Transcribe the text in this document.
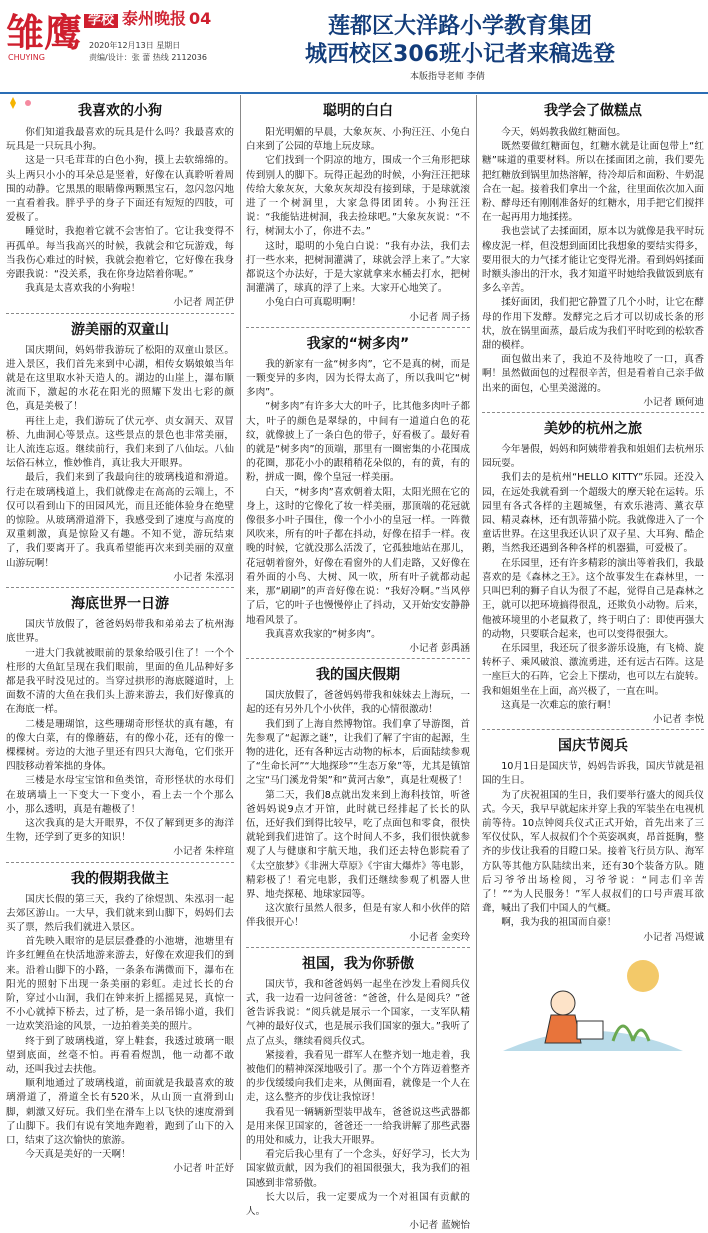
雏鹰
CHUYING
学校 泰州晚报 04
2020年12月13日 星期日
责编/设计：张 蕾 热线 2112036
莲都区大洋路小学教育集团
城西校区306班小记者来稿选登
本版指导老师 李倩
我喜欢的小狗

你们知道我最喜欢的玩具是什么吗？我最喜欢的玩具是一只玩具小狗。

这是一只毛茸茸的白色小狗，摸上去软绵绵的。头上两只小小的耳朵总是竖着，好像在认真聆听着周围的动静。它黑黑的眼睛像两颗黑宝石，忽闪忽闪地一直看着我。胖乎乎的身子下面还有短短的四肢，可爱极了。

睡觉时，我抱着它就不会害怕了。它让我变得不再孤单。每当我高兴的时候，我就会和它玩游戏，每当我伤心难过的时候，我就会抱着它，它好像在我身旁跟我说：“没关系，我在你身边陪着你呢。”

我真是太喜欢我的小狗啦！

小记者 周芷伊

游美丽的双童山

国庆期间，妈妈带我游玩了松阳的双童山景区。进入景区，我们首先来到中心湖，相传女娲娘娘当年就是在这里取水补天造人的。湖边的山崖上，瀑布顺流而下，激起的水花在阳光的照耀下发出七彩的颜色，真是美极了！

再往上走，我们游玩了伏元亭、贞女洞天、双冒桥、九曲洞心等景点。这些景点的景色也非常美丽，让人流连忘返。继续前行，我们来到了八仙坛。八仙坛俗石林立，惟妙惟肖，真让我大开眼界。

最后，我们来到了我最向往的玻璃栈道和滑道。行走在玻璃栈道上，我们就像走在高高的云端上，不仅可以看到山下的田园风光，而且还能体验身在绝壁的惊险。从玻璃滑道滑下，我感受到了速度与高度的双重刺激，真是惊险又有趣。不知不觉，游玩结束了，我们要离开了。我真希望能再次来到美丽的双童山游玩啊！

小记者 朱泓羽

海底世界一日游

国庆节放假了，爸爸妈妈带我和弟弟去了杭州海底世界。

一进大门我就被眼前的景象给吸引住了！一个个柱形的大鱼缸呈现在我们眼前，里面的鱼儿品种好多都是我平时没见过的。当穿过拱形的海底隧道时，上面数不清的大鱼在我们头上游来游去，我们好像真的在海底一样。

二楼是珊瑚馆，这些珊瑚奇形怪状的真有趣，有的像大白菜，有的像蘑菇，有的像小花，还有的像一棵棵树。旁边的大池子里还有四只大海龟，它们张开四肢移动着笨拙的身体。

三楼是水母宝宝馆和鱼类馆，奇形怪状的水母们在玻璃墙上一下变大一下变小，看上去一个个那么小，那么透明，真是有趣极了！

这次我真的是大开眼界，不仅了解到更多的海洋生物，还学到了更多的知识！

小记者 朱梓瑄

我的假期我做主

国庆长假的第三天，我约了徐煜凯、朱泓羽一起去郊区游山。一大早，我们就来到山脚下，妈妈们去买了票，然后我们就进入景区。

首先映入眼帘的是层层叠叠的小池塘，池塘里有许多红鲤鱼在快活地游来游去，好像在欢迎我们的到来。沿着山脚下的小路，一条条布满微而下，瀑布在阳光的照射下出现一条美丽的彩虹。走过长长的台阶，穿过小山洞，我们在钟来折上摇摇晃晃，真惊一不小心就掉下桥去，过了桥，是一条吊锦小道，我们一边欢笑沿途的风景，一边拍着美美的照片。

终于到了玻璃栈道，穿上鞋套，我透过玻璃一眼望到底面，丝毫不怕。再看看煜凯，他一动都不敢动，还叫我过去扶他。

顺利地通过了玻璃栈道，前面就是我最喜欢的玻璃滑道了，滑道全长有520米，从山顶一直滑到山脚，刺激又好玩。我们坐在滑车上以飞快的速度滑到了山脚下。我们有说有笑地奔跑着，跑到了山下的入口，结束了这次愉快的旅游。

今天真是美好的一天啊！

小记者 叶芷妤

聪明的白白

阳光明媚的早晨，大象灰灰、小狗汪汪、小兔白白来到了公园的草地上玩皮球。

它们找到一个阴凉的地方，围成一个三角形把球传到别人的脚下。玩得正起劲的时候，小狗汪汪把球传给大象灰灰，大象灰灰却没有接到球，于是球就滚进了一个树洞里，大家急得团团转。小狗汪汪说：“我能钻进树洞，我去捡球吧。”大象灰灰说：“不行，树洞太小了，你进不去。”

这时，聪明的小兔白白说：“我有办法，我们去打一些水来，把树洞灌满了，球就会浮上来了。”大家都说这个办法好，于是大家就拿来水桶去打水，把树洞灌满了，球真的浮了上来。大家开心地笑了。

小兔白白可真聪明啊！

小记者 周子扬

我家的“树多肉”

我的新家有一盆“树多肉”，它不是真的树，而是一颗变异的多肉，因为长得太高了，所以我叫它“树多肉”。

“树多肉”有许多大大的叶子，比其他多肉叶子都大，叶子的颜色是翠绿的，中间有一道道白色的花纹，就像披上了一条白色的带子，好看极了。最好看的就是“树多肉”的顶端，那里有一圈密集的小花围成的花圈，那花小小的跟稍稍花朵似的，有的黄，有的粉，拼成一圈，像个皇冠一样美丽。

白天，“树多肉”喜欢朝着太阳，太阳光照在它的身上，这时的它像化了妆一样美丽，那顶端的花冠就像很多小叶子围住，像一个小小的皇冠一样。一阵微风吹来，所有的叶子都在抖动，好像在招手一样。夜晚的时候，它就没那么活泼了，它孤独地站在那儿，花冠朝着窗外，好像在看窗外的人们走路，又好像在看外面的小鸟、大树、风一吹，所有叶子就都动起来，那“刷刷”的声音好像在说：“我好冷啊。”当风停了后，它的叶子也慢慢停止了抖动，又开始安安静静地看风景了。

我真喜欢我家的“树多肉”。

小记者 彭禹涵

我的国庆假期

国庆放假了，爸爸妈妈带我和妹妹去上海玩，一起的还有另外几个小伙伴，我的心情很激动！

我们到了上海自然博物馆。我们拿了导游图，首先参观了“起源之谜”，让我们了解了宇宙的起源，生物的进化，还有各种远古动物的标本，后面陆续参观了“生命长河”“大地探珍”“生态万象”等，尤其是镇馆之宝“马门溪龙骨架”和“黄河古象”，真是壮观极了！

第二天，我们8点就出发来到上海科技馆，听爸爸妈妈说9点才开馆，此时就已经排起了长长的队伍，还好我们到得比较早，吃了点面包和零食，很快就轮到我们进馆了。这个时间人不多，我们很快就参观了人与健康和宇航天地，我们还去特色影院看了《太空旅梦》《非洲大草原》《宇宙大爆炸》等电影，精彩极了！看完电影，我们还继续参观了机器人世界、地壳探秘、地球家园等。

这次旅行虽然人很多，但是有家人和小伙伴的陪伴我很开心！

小记者 金奕玲

祖国，我为你骄傲

国庆节，我和爸爸妈妈一起坐在沙发上看阅兵仪式，我一边看一边问爸爸：“爸爸，什么是阅兵？”爸爸告诉我说：“阅兵就是展示一个国家，一支军队精气神的最好仪式，也是展示我们国家的强大。”我听了点了点头，继续看阅兵仪式。

紧接着，我看见一群军人在整齐划一地走着，我被他们的精神深深地吸引了。那一个个方阵迈着整齐的步伐缓缓向我们走来，从侧面看，就像是一个人在走，这么整齐的步伐让我惊讶！

我看见一辆辆新型装甲战车，爸爸说这些武器都是用来保卫国家的，爸爸还一一给我讲解了那些武器的用处和威力，让我大开眼界。

看完后我心里有了一个念头，好好学习，长大为国家做贡献，因为我们的祖国很强大，我为我们的祖国感到非常骄傲。

长大以后，我一定要成为一个对祖国有贡献的人。

小记者 蓝婉怡

我学会了做糕点

今天，妈妈教我做红糖面包。

既然要做红糖面包，红糖水就是让面包带上“红糖”味道的重要材料。所以在揉面团之前，我们要先把红糖放到锅里加热溶解，待冷却后和面粉、牛奶混合在一起。接着我们拿出一个盆，往里面依次加入面粉、酵母还有刚刚准备好的红糖水，用手把它们搅拌在一起再用力地揉搓。

我也尝试了去揉面团，原本以为就像是我平时玩橡皮泥一样，但没想到面团比我想象的要结实得多，要用很大的力气揉才能让它变得光滑。看到妈妈揉面时额头渗出的汗水，我才知道平时她给我做饭到底有多么辛苦。

揉好面团，我们把它静置了几个小时，让它在酵母的作用下发酵。发酵完之后才可以切成长条的形状，放在锅里面蒸，最后成为我们平时吃到的松软香甜的模样。

面包做出来了，我迫不及待地咬了一口，真香啊！虽然做面包的过程很辛苦，但是看着自己亲手做出来的面包，心里美滋滋的。

小记者 顾何迪

美妙的杭州之旅

今年暑假，妈妈和阿姨带着我和姐姐们去杭州乐园玩耍。

我们去的是杭州“HELLO KITTY”乐园。还没入园，在远处我就看到一个超级大的摩天轮在运转。乐园里有各式各样的主题城堡，有欢乐港湾、薰衣草园、精灵森林，还有凯蒂猫小院。我就像进入了一个童话世界。在这里我还认识了双子星、大耳狗、酷企鹅，当然我还遇到各种各样的机器猫，可爱极了。

在乐园里，还有许多精彩的演出等着我们，我最喜欢的是《森林之王》。这个故事发生在森林里，一只叫巴利的狮子自认为很了不起，觉得自己是森林之王，就可以把环境搞得很乱，还欺负小动物。后来，他被环境里的小老鼠救了，终于明白了：即使再强大的动物，只要联合起来，也可以变得很强大。

在乐园里，我还玩了很多游乐设施，有飞椅、旋转杯子、乘风破浪、激流勇进，还有远古石阵。这是一座巨大的石阵，它会上下摆动，也可以左右旋转。我和姐姐坐在上面，高兴极了，一直在叫。

这真是一次难忘的旅行啊！

小记者 李悦

国庆节阅兵

10月1日是国庆节，妈妈告诉我，国庆节就是祖国的生日。

为了庆祝祖国的生日，我们要举行盛大的阅兵仪式。今天，我早早就起床并穿上我的军装坐在电视机前等待。10点钟阅兵仪式正式开始，首先出来了三军仪仗队，军人叔叔们个个英姿飒爽，昂首挺胸，整齐的步伐让我看的目瞪口呆。接着飞行员方队、海军方队等其他方队陆续出来，还有30个装备方队。随后习爷爷出场检阅，习爷爷说：“同志们辛苦了！”“为人民服务！”军人叔叔们的口号声震耳欲聋，喊出了我们中国人的气概。

啊，我为我的祖国而自豪！

小记者 冯煜诚
